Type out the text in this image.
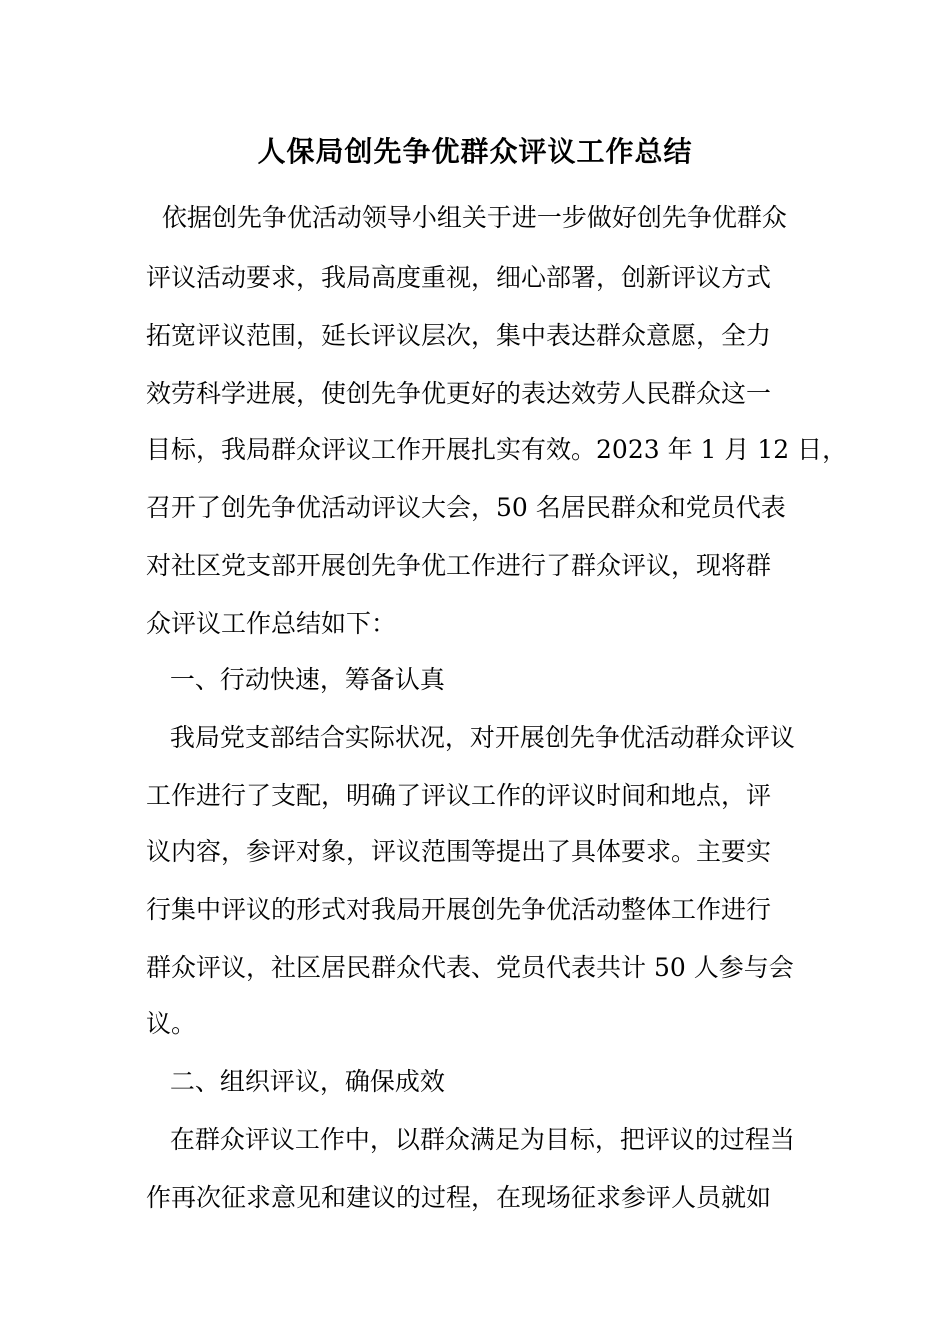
人保局创先争优群众评议工作总结
依据创先争优活动领导小组关于进一步做好创先争优群众
评议活动要求，我局高度重视，细心部署，创新评议方式
拓宽评议范围，延长评议层次，集中表达群众意愿，全力
效劳科学进展，使创先争优更好的表达效劳人民群众这一
目标，我局群众评议工作开展扎实有效。2023 年 1 月 12 日，
召开了创先争优活动评议大会，50 名居民群众和党员代表
对社区党支部开展创先争优工作进行了群众评议，现将群
众评议工作总结如下：
一、行动快速，筹备认真
我局党支部结合实际状况，对开展创先争优活动群众评议
工作进行了支配，明确了评议工作的评议时间和地点，评
议内容，参评对象，评议范围等提出了具体要求。主要实
行集中评议的形式对我局开展创先争优活动整体工作进行
群众评议，社区居民群众代表、党员代表共计 50 人参与会
议。
二、组织评议，确保成效
在群众评议工作中，以群众满足为目标，把评议的过程当
作再次征求意见和建议的过程，在现场征求参评人员就如
